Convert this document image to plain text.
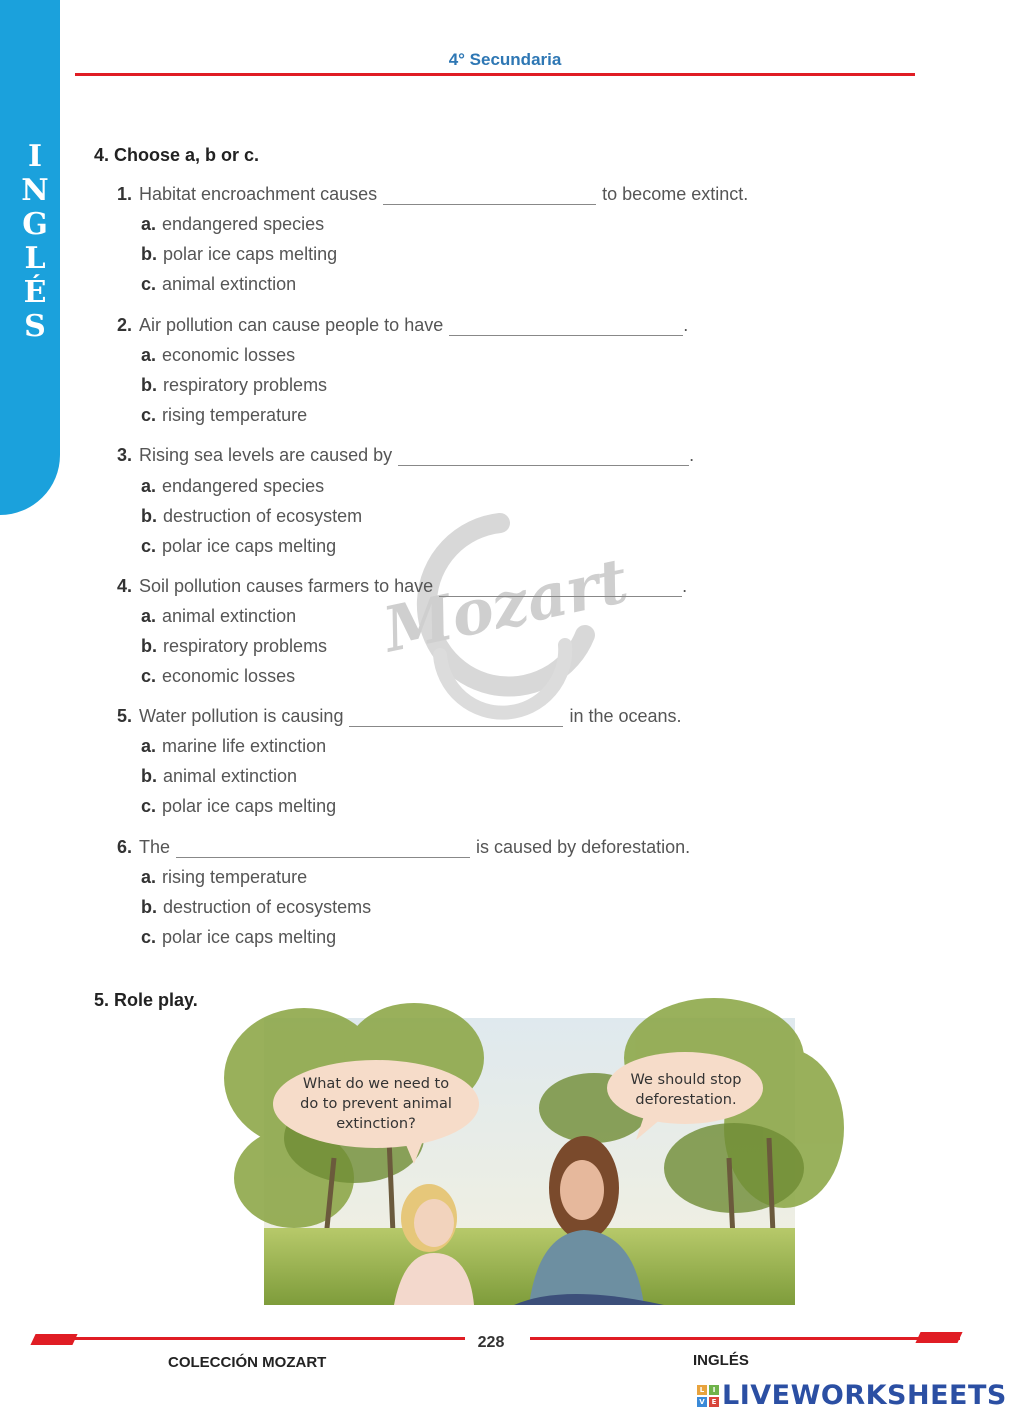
I
N
G
L
É
S
4° Secundaria
Mozart
4. Choose a, b or c.
1. Habitat encroachment causes	to become extinct.
a. endangered species
b. polar ice caps melting
c. animal extinction
2. Air pollution can cause people to have	.
a. economic losses
b. respiratory problems
c. rising temperature
3. Rising sea levels are caused by	.
a. endangered species
b. destruction of ecosystem
c. polar ice caps melting
4. Soil pollution causes farmers to have	.
a. animal extinction
b. respiratory problems
c. economic losses
5. Water pollution is causing	in the oceans.
a. marine life extinction
b. animal extinction
c. polar ice caps melting
6. The	is caused by deforestation.
a. rising temperature
b. destruction of ecosystems
c. polar ice caps melting
5. Role play.
What do we need to
do to prevent animal
extinction?
We should stop
deforestation.
228
COLECCIÓN MOZART	INGLÉS
L	I
V E LIVEWORKSHEETS
